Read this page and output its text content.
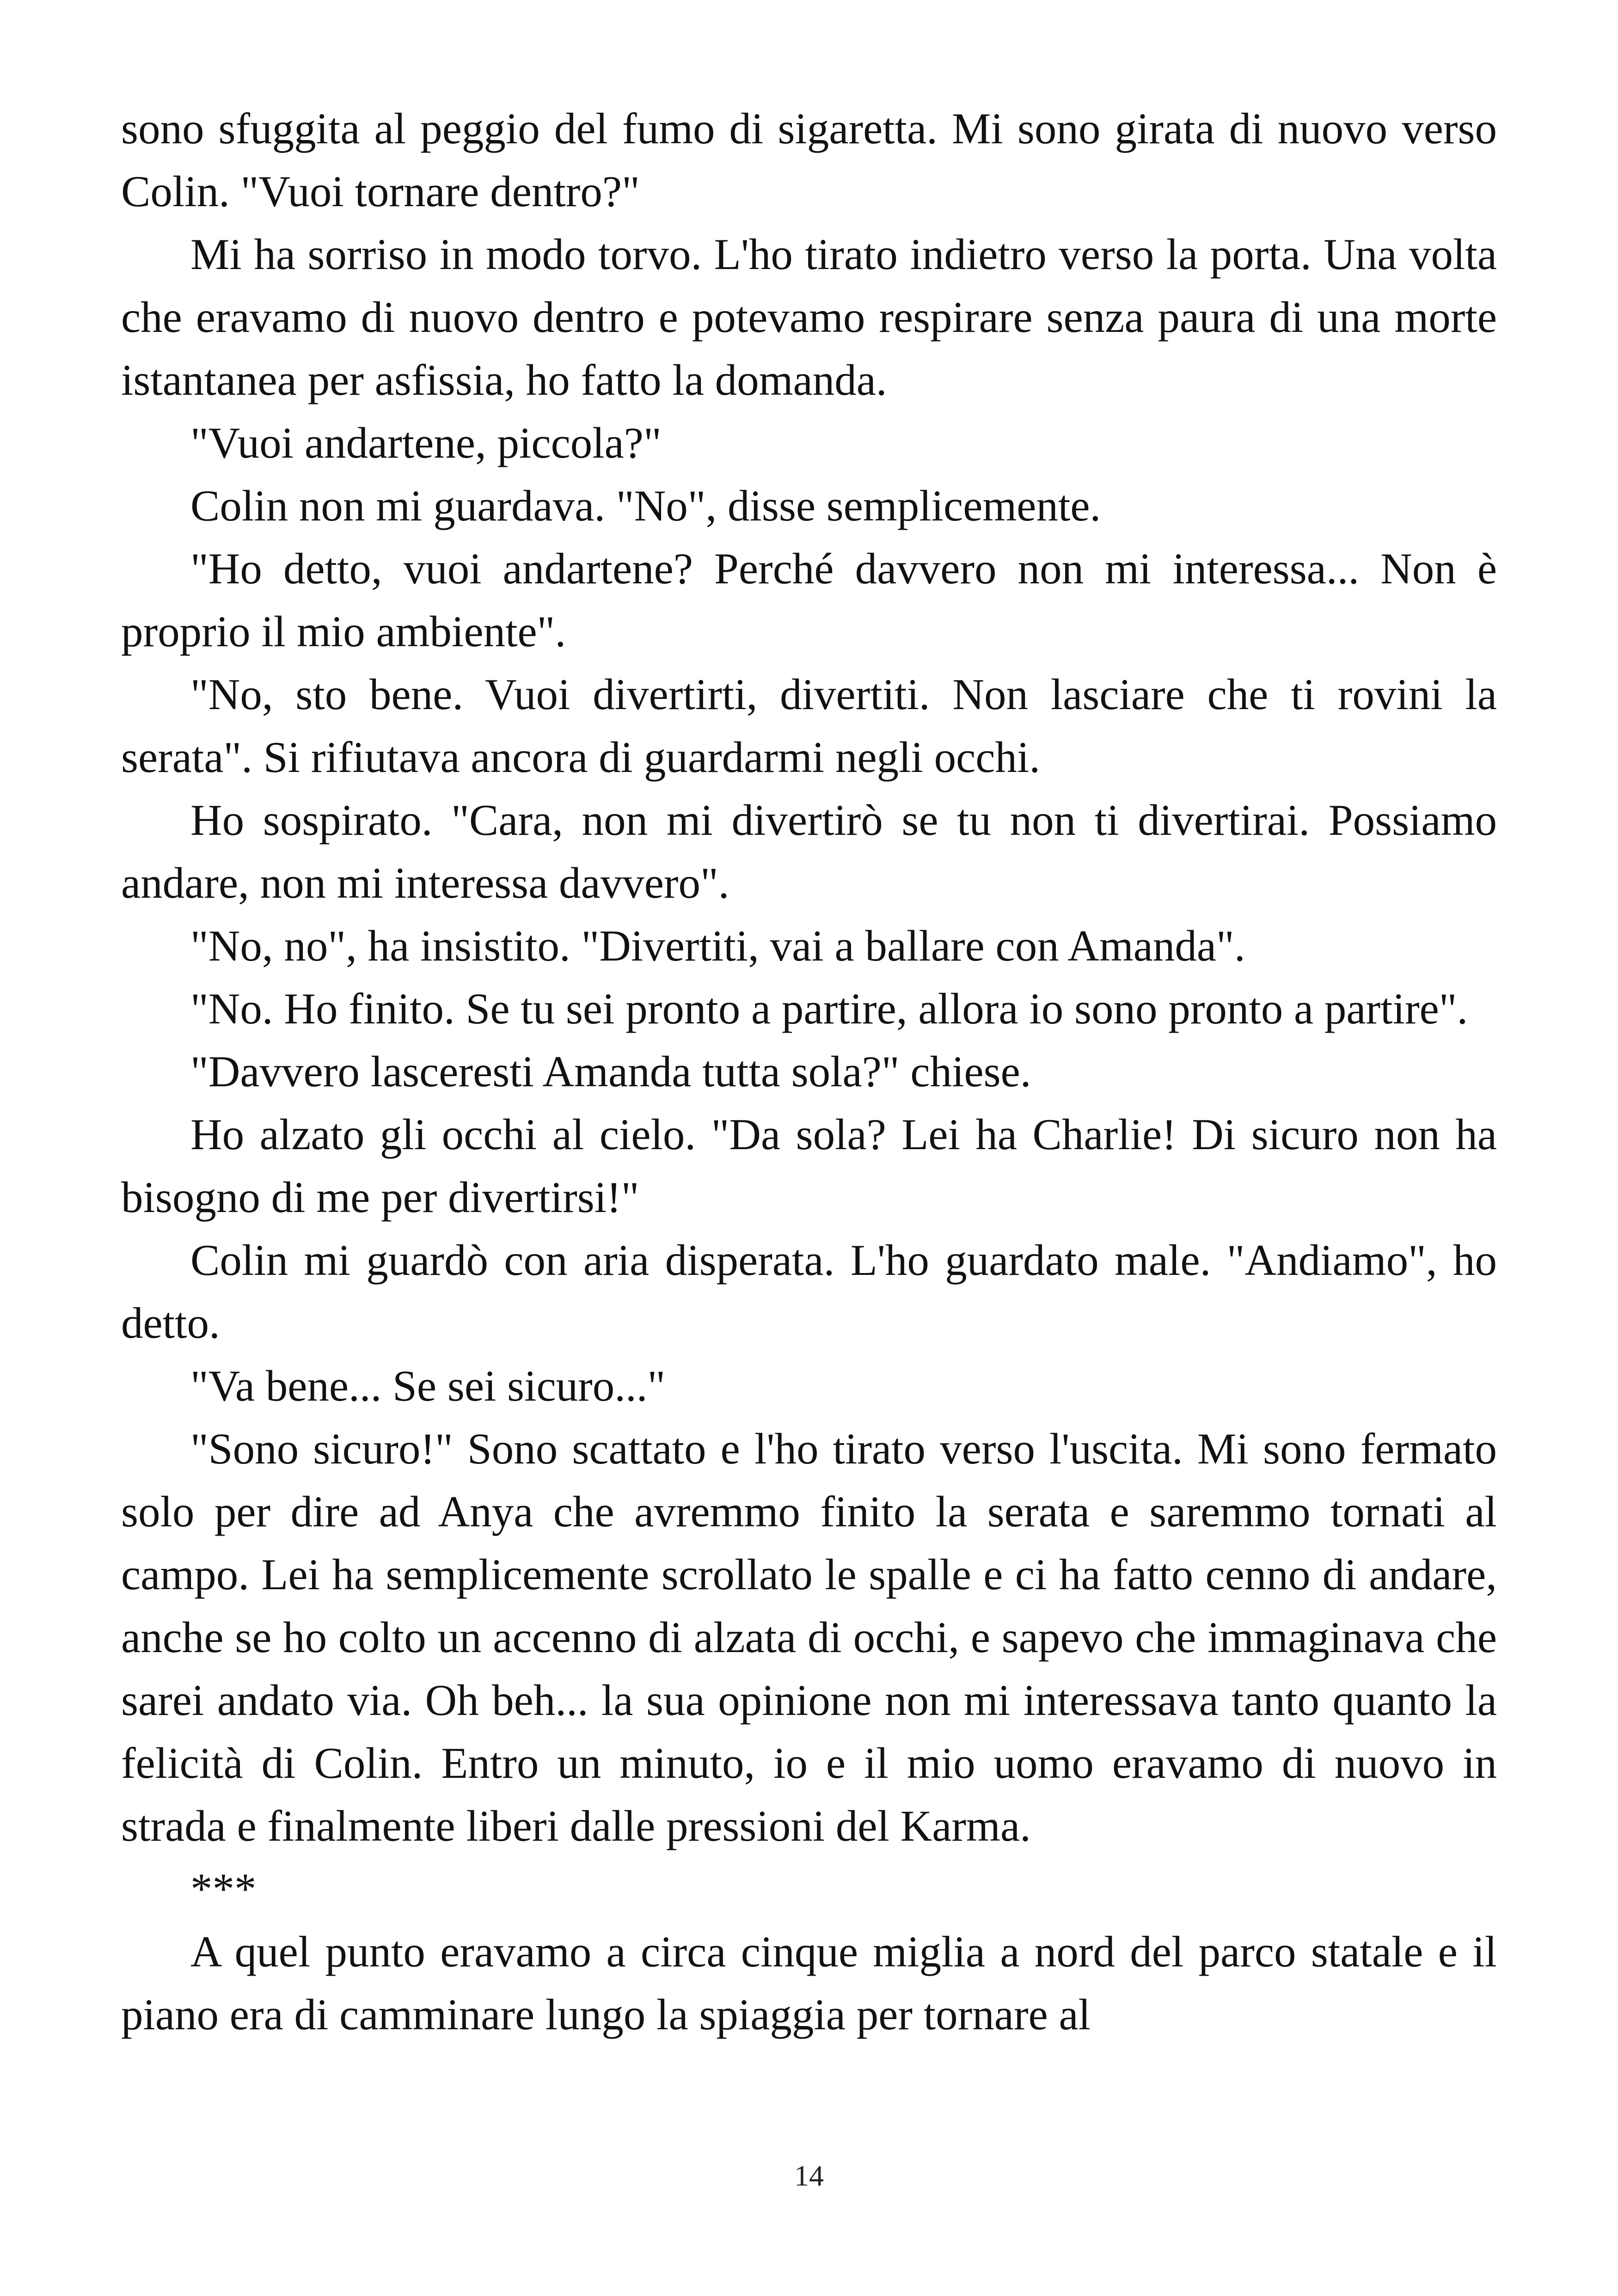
sono sfuggita al peggio del fumo di sigaretta. Mi sono girata di nuovo verso Colin. "Vuoi tornare dentro?"

Mi ha sorriso in modo torvo. L'ho tirato indietro verso la porta. Una volta che eravamo di nuovo dentro e potevamo respirare senza paura di una morte istantanea per asfissia, ho fatto la domanda.

"Vuoi andartene, piccola?"

Colin non mi guardava. "No", disse semplicemente.

"Ho detto, vuoi andartene? Perché davvero non mi interessa... Non è proprio il mio ambiente".

"No, sto bene. Vuoi divertirti, divertiti. Non lasciare che ti rovini la serata". Si rifiutava ancora di guardarmi negli occhi.

Ho sospirato. "Cara, non mi divertirò se tu non ti divertirai. Possiamo andare, non mi interessa davvero".

"No, no", ha insistito. "Divertiti, vai a ballare con Amanda".

"No. Ho finito. Se tu sei pronto a partire, allora io sono pronto a partire".

"Davvero lasceresti Amanda tutta sola?" chiese.

Ho alzato gli occhi al cielo. "Da sola? Lei ha Charlie! Di sicuro non ha bisogno di me per divertirsi!"

Colin mi guardò con aria disperata. L'ho guardato male. "Andiamo", ho detto.

"Va bene... Se sei sicuro..."

"Sono sicuro!" Sono scattato e l'ho tirato verso l'uscita. Mi sono fermato solo per dire ad Anya che avremmo finito la serata e saremmo tornati al campo. Lei ha semplicemente scrollato le spalle e ci ha fatto cenno di andare, anche se ho colto un accenno di alzata di occhi, e sapevo che immaginava che sarei andato via. Oh beh... la sua opinione non mi interessava tanto quanto la felicità di Colin. Entro un minuto, io e il mio uomo eravamo di nuovo in strada e finalmente liberi dalle pressioni del Karma.

***

A quel punto eravamo a circa cinque miglia a nord del parco statale e il piano era di camminare lungo la spiaggia per tornare al

14
